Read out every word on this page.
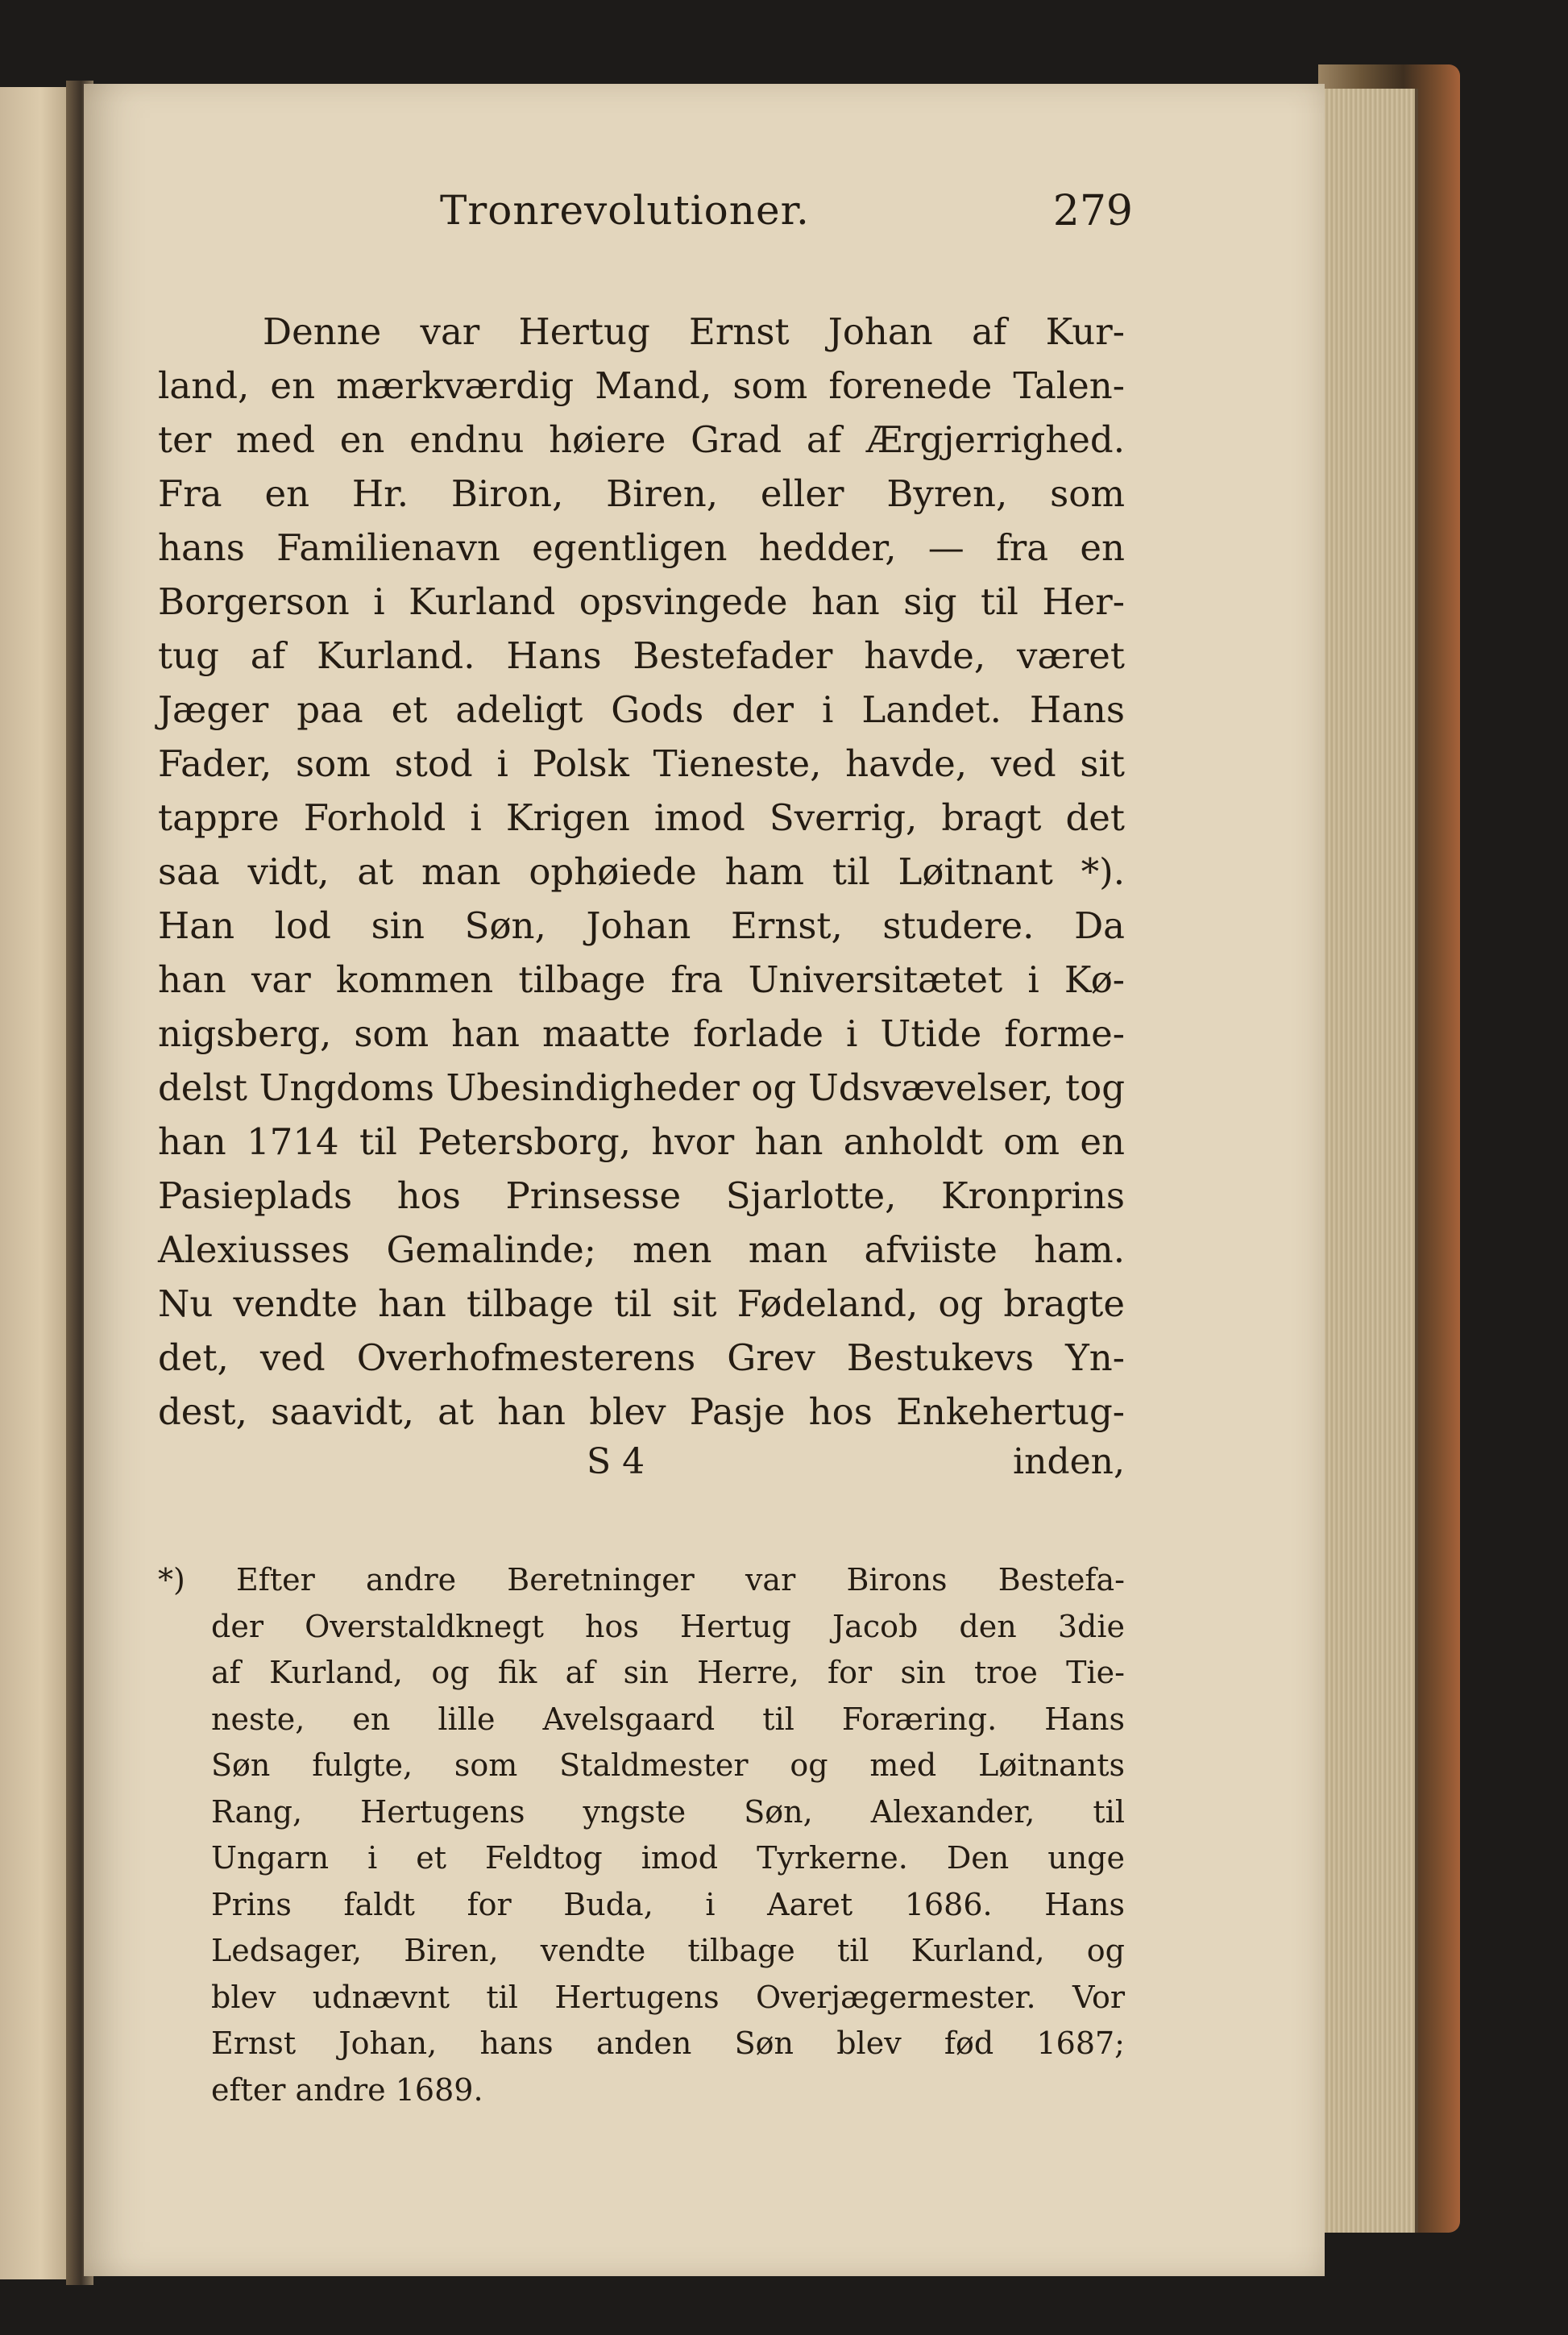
Tronrevolutioner.	279
Denne var Hertug Ernst Johan af Kur-
land, en mærkværdig Mand, som forenede Talen-
ter med en endnu høiere Grad af Ærgjerrighed.
Fra en Hr. Biron, Biren, eller Byren, som
hans Familienavn egentligen hedder, — fra en
Borgerson i Kurland opsvingede han sig til Her-
tug af Kurland. Hans Bestefader havde, været
Jæger paa et adeligt Gods der i Landet. Hans
Fader, som stod i Polsk Tieneste, havde, ved sit
tappre Forhold i Krigen imod Sverrig, bragt det
saa vidt, at man ophøiede ham til Løitnant *).
Han lod sin Søn, Johan Ernst, studere. Da
han var kommen tilbage fra Universitætet i Kø-
nigsberg, som han maatte forlade i Utide forme-
delst Ungdoms Ubesindigheder og Udsvævelser, tog
han 1714 til Petersborg, hvor han anholdt om en
Pasieplads hos Prinsesse Sjarlotte, Kronprins
Alexiusses Gemalinde; men man afviiste ham.
Nu vendte han tilbage til sit Fødeland, og bragte
det, ved Overhofmesterens Grev Bestukevs Yn-
dest, saavidt, at han blev Pasje hos Enkehertug-
S 4	inden,
*) Efter andre Beretninger var Birons Bestefa-
der Overstaldknegt hos Hertug Jacob den 3die
af Kurland, og fik af sin Herre, for sin troe Tie-
neste, en lille Avelsgaard til Foræring. Hans
Søn fulgte, som Staldmester og med Løitnants
Rang, Hertugens yngste Søn, Alexander, til
Ungarn i et Feldtog imod Tyrkerne. Den unge
Prins faldt for Buda, i Aaret 1686. Hans
Ledsager, Biren, vendte tilbage til Kurland, og
blev udnævnt til Hertugens Overjægermester. Vor
Ernst Johan, hans anden Søn blev fød 1687;
efter andre 1689.
